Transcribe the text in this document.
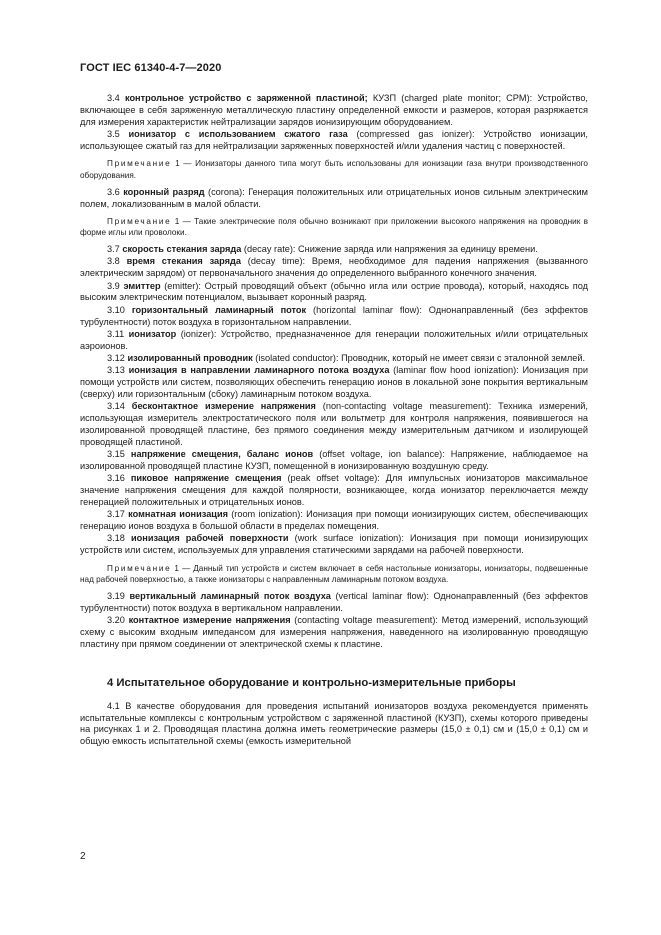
ГОСТ IEC 61340-4-7—2020

3.4 контрольное устройство с заряженной пластиной; КУЗП (charged plate monitor; CPM): Устройство, включающее в себя заряженную металлическую пластину определенной емкости и размеров, которая разряжается для измерения характеристик нейтрализации зарядов ионизирующим оборудованием.

3.5 ионизатор с использованием сжатого газа (compressed gas ionizer): Устройство ионизации, использующее сжатый газ для нейтрализации заряженных поверхностей и/или удаления частиц с поверхностей.

Примечание 1 — Ионизаторы данного типа могут быть использованы для ионизации газа внутри производственного оборудования.

3.6 коронный разряд (corona): Генерация положительных или отрицательных ионов сильным электрическим полем, локализованным в малой области.

Примечание 1 — Такие электрические поля обычно возникают при приложении высокого напряжения на проводник в форме иглы или проволоки.

3.7 скорость стекания заряда (decay rate): Снижение заряда или напряжения за единицу времени.

3.8 время стекания заряда (decay time): Время, необходимое для падения напряжения (вызванного электрическим зарядом) от первоначального значения до определенного выбранного конечного значения.

3.9 эмиттер (emitter): Острый проводящий объект (обычно игла или острие провода), который, находясь под высоким электрическим потенциалом, вызывает коронный разряд.

3.10 горизонтальный ламинарный поток (horizontal laminar flow): Однонаправленный (без эффектов турбулентности) поток воздуха в горизонтальном направлении.

3.11 ионизатор (ionizer): Устройство, предназначенное для генерации положительных и/или отрицательных аэроионов.

3.12 изолированный проводник (isolated conductor): Проводник, который не имеет связи с эталонной землей.

3.13 ионизация в направлении ламинарного потока воздуха (laminar flow hood ionization): Ионизация при помощи устройств или систем, позволяющих обеспечить генерацию ионов в локальной зоне покрытия вертикальным (сверху) или горизонтальным (сбоку) ламинарным потоком воздуха.

3.14 бесконтактное измерение напряжения (non-contacting voltage measurement): Техника измерений, использующая измеритель электростатического поля или вольтметр для контроля напряжения, появившегося на изолированной проводящей пластине, без прямого соединения между измерительным датчиком и изолирующей проводящей пластиной.

3.15 напряжение смещения, баланс ионов (offset voltage, ion balance): Напряжение, наблюдаемое на изолированной проводящей пластине КУЗП, помещенной в ионизированную воздушную среду.

3.16 пиковое напряжение смещения (peak offset voltage): Для импульсных ионизаторов максимальное значение напряжения смещения для каждой полярности, возникающее, когда ионизатор переключается между генерацией положительных и отрицательных ионов.

3.17 комнатная ионизация (room ionization): Ионизация при помощи ионизирующих систем, обеспечивающих генерацию ионов воздуха в большой области в пределах помещения.

3.18 ионизация рабочей поверхности (work surface ionization): Ионизация при помощи ионизирующих устройств или систем, используемых для управления статическими зарядами на рабочей поверхности.

Примечание 1 — Данный тип устройств и систем включает в себя настольные ионизаторы, ионизаторы, подвешенные над рабочей поверхностью, а также ионизаторы с направленным ламинарным потоком воздуха.

3.19 вертикальный ламинарный поток воздуха (vertical laminar flow): Однонаправленный (без эффектов турбулентности) поток воздуха в вертикальном направлении.

3.20 контактное измерение напряжения (contacting voltage measurement): Метод измерений, использующий схему с высоким входным импедансом для измерения напряжения, наведенного на изолированную проводящую пластину при прямом соединении от электрической схемы к пластине.

4 Испытательное оборудование и контрольно-измерительные приборы

4.1 В качестве оборудования для проведения испытаний ионизаторов воздуха рекомендуется применять испытательные комплексы с контрольным устройством с заряженной пластиной (КУЗП), схемы которого приведены на рисунках 1 и 2. Проводящая пластина должна иметь геометрические размеры (15,0 ± 0,1) см и (15,0 ± 0,1) см и общую емкость испытательной схемы (емкость измерительной

2
